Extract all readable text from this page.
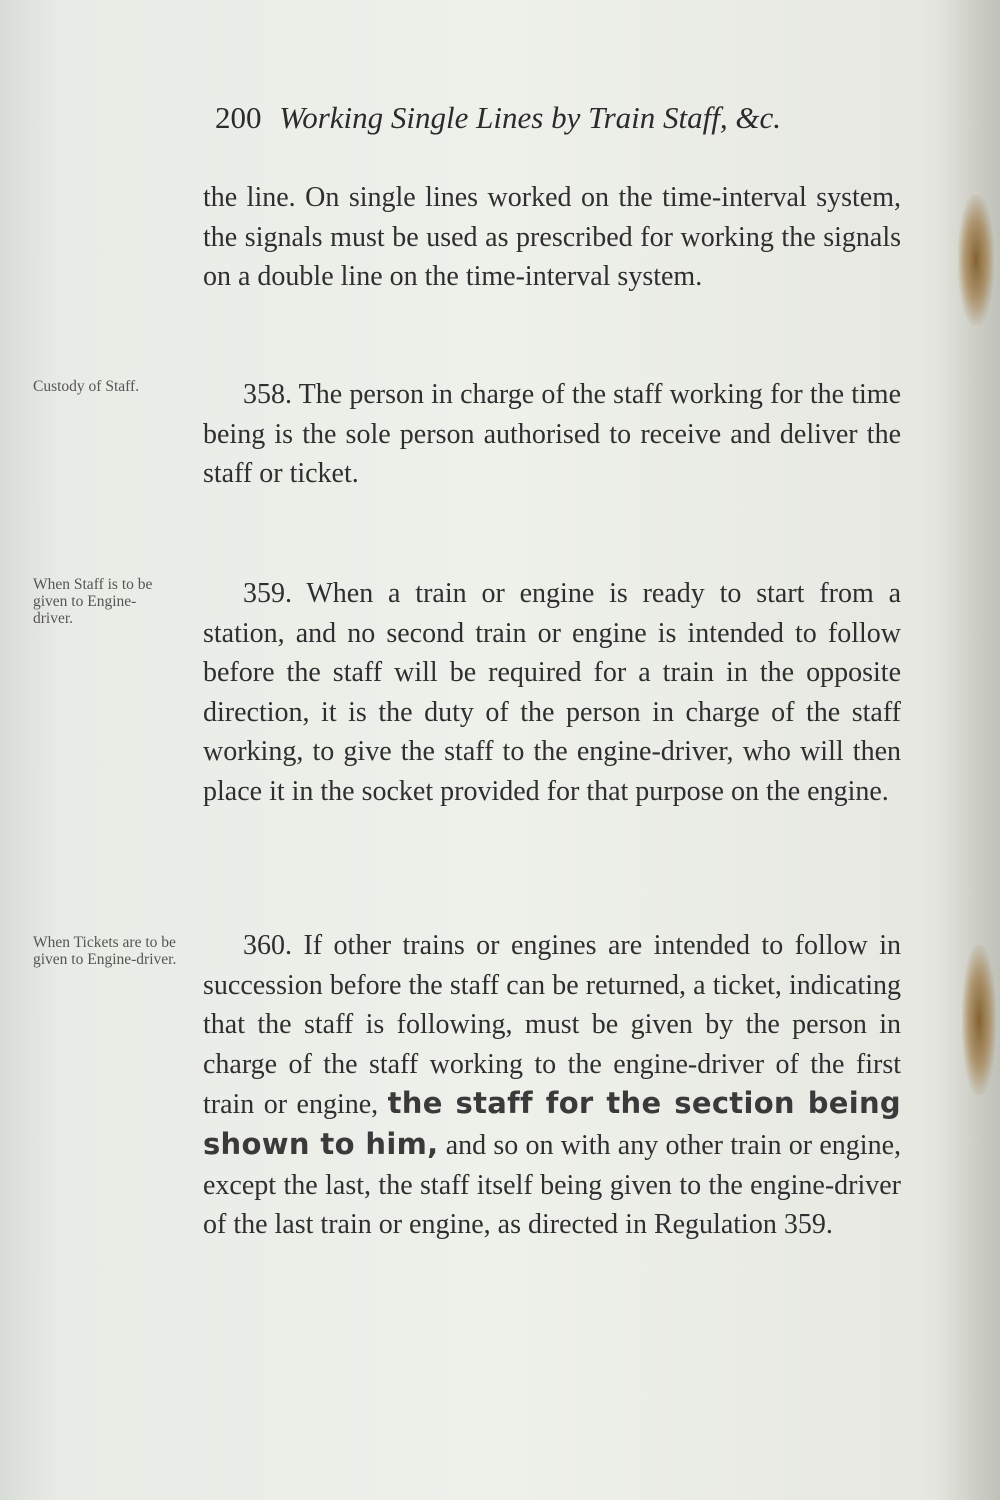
200 Working Single Lines by Train Staff, &c.
the line. On single lines worked on the time-interval system, the signals must be used as prescribed for working the signals on a double line on the time-interval system.
Custody of Staff.	358. The person in charge of the staff working for the time being is the sole person authorised to receive and deliver the staff or ticket.
When Staff is to be given to Engine-driver.
359. When a train or engine is ready to start from a station, and no second train or engine is intended to follow before the staff will be required for a train in the opposite direction, it is the duty of the person in charge of the staff working, to give the staff to the engine-driver, who will then place it in the socket provided for that purpose on the engine.
When Tickets are to be given to Engine-driver.	360. If other trains or engines are intended to follow in succession before the staff can be returned, a ticket, indicating that the staff is following, must be given by the person in charge of the staff working to the engine-driver of the first train or engine, the staff for the section being shown to him, and so on with any other train or engine, except the last, the staff itself being given to the engine-driver of the last train or engine, as directed in Regulation 359.
